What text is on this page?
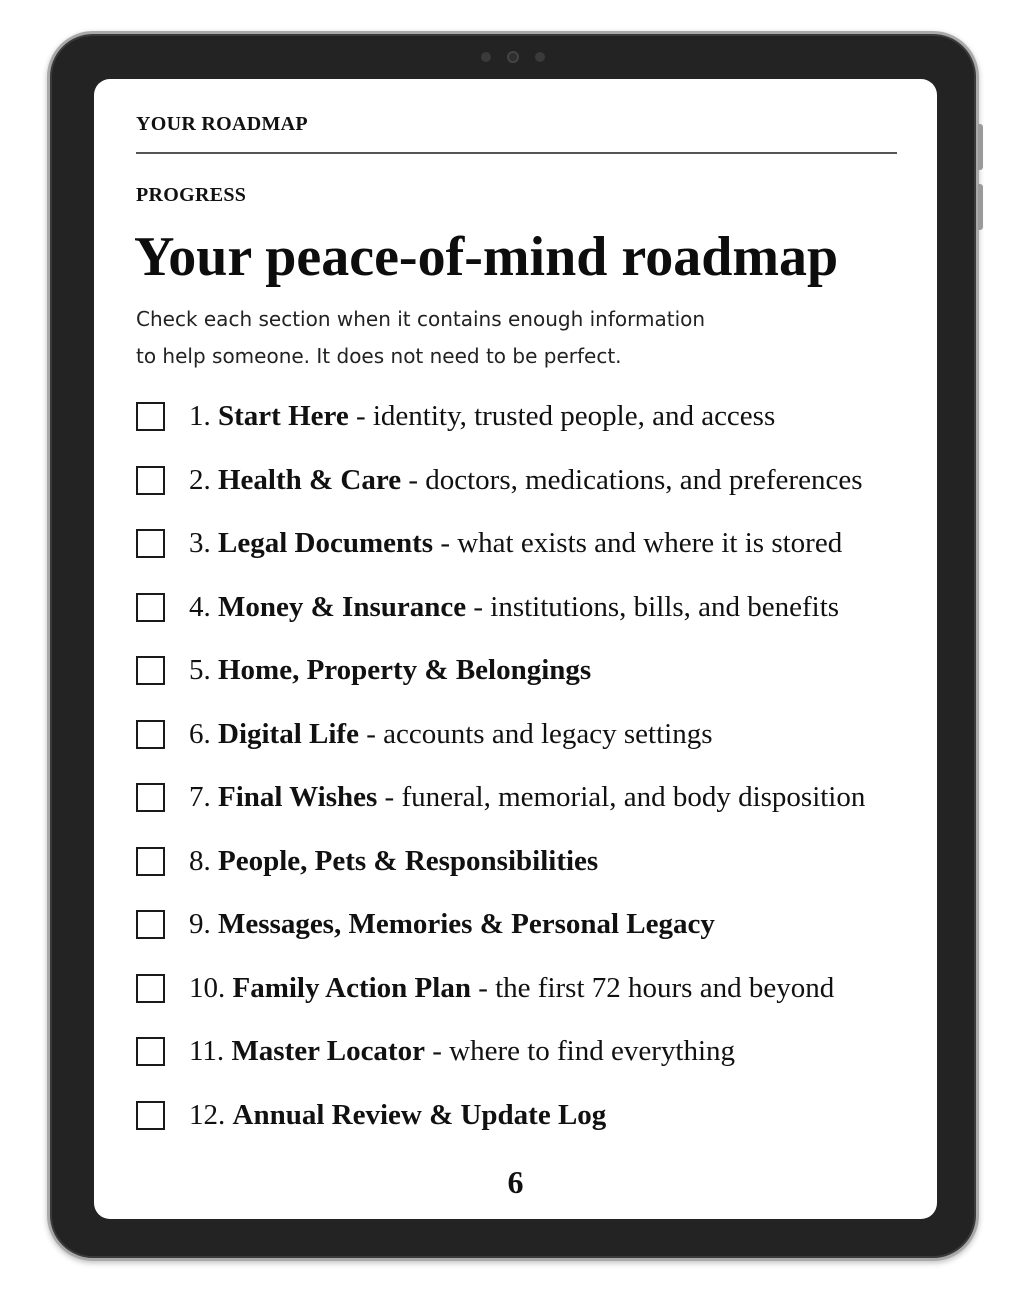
YOUR ROADMAP
PROGRESS
Your peace-of-mind roadmap
Check each section when it contains enough information
to help someone. It does not need to be perfect.
1. Start Here - identity, trusted people, and access
2. Health & Care - doctors, medications, and preferences
3. Legal Documents - what exists and where it is stored
4. Money & Insurance - institutions, bills, and benefits
5. Home, Property & Belongings
6. Digital Life - accounts and legacy settings
7. Final Wishes - funeral, memorial, and body disposition
8. People, Pets & Responsibilities
9. Messages, Memories & Personal Legacy
10. Family Action Plan - the first 72 hours and beyond
11. Master Locator - where to find everything
12. Annual Review & Update Log
6
